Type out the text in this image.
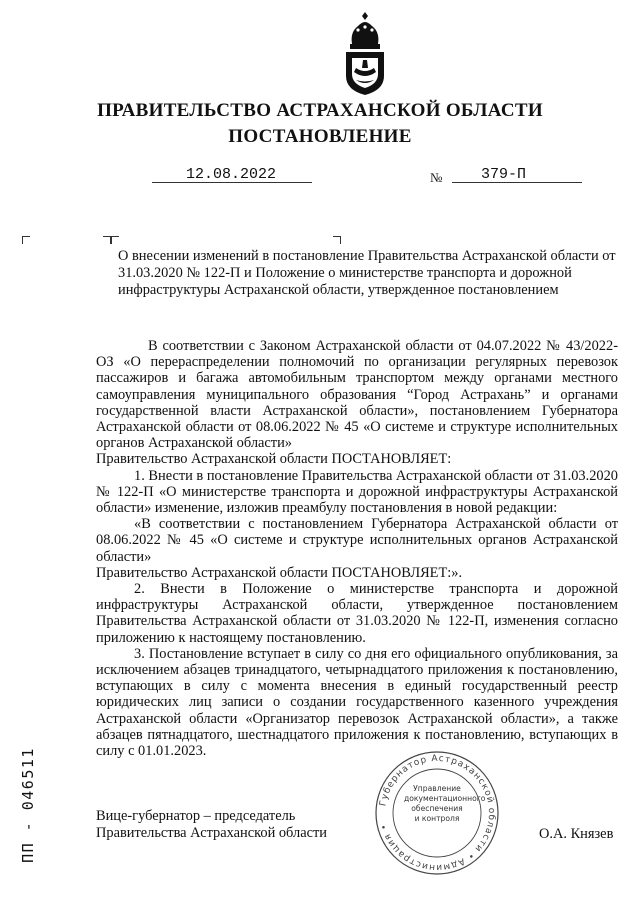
ПРАВИТЕЛЬСТВО АСТРАХАНСКОЙ ОБЛАСТИ
ПОСТАНОВЛЕНИЕ
12.08.2022	№	379-П
О внесении изменений в постановление Правительства Астраханской области от 31.03.2020 № 122-П и Положение о министерстве транспорта и дорожной инфраструктуры Астраханской области, утвержденное постановлением

В соответствии с Законом Астраханской области от 04.07.2022 № 43/2022-ОЗ «О перераспределении полномочий по организации регулярных перевозок пассажиров и багажа автомобильным транспортом между органами местного самоуправления муниципального образования “Город Астрахань” и органами государственной власти Астраханской области», постановлением Губернатора Астраханской области от 08.06.2022 № 45 «О системе и структуре исполнительных органов Астраханской области»

Правительство Астраханской области ПОСТАНОВЛЯЕТ:

1. Внести в постановление Правительства Астраханской области от 31.03.2020 № 122-П «О министерстве транспорта и дорожной инфраструктуры Астраханской области» изменение, изложив преамбулу постановления в новой редакции:

«В соответствии с постановлением Губернатора Астраханской области от 08.06.2022 № 45 «О системе и структуре исполнительных органов Астраханской области»

Правительство Астраханской области ПОСТАНОВЛЯЕТ:».

2. Внести в Положение о министерстве транспорта и дорожной инфраструктуры Астраханской области, утвержденное постановлением Правительства Астраханской области от 31.03.2020 № 122-П, изменения согласно приложению к настоящему постановлению.

3. Постановление вступает в силу со дня его официального опубликования, за исключением абзацев тринадцатого, четырнадцатого приложения к постановлению, вступающих в силу с момента внесения в единый государственный реестр юридических лиц записи о создании государственного казенного учреждения Астраханской области «Организатор перевозок Астраханской области», а также абзацев пятнадцатого, шестнадцатого приложения к постановлению, вступающих в силу с 01.01.2023.

Губернатор Астраханской области • Администрация •
Управление
документационного
обеспечения
и контроля
Вице-губернатор – председатель
Правительства Астраханской области	О.А. Князев
ПП - 046511
